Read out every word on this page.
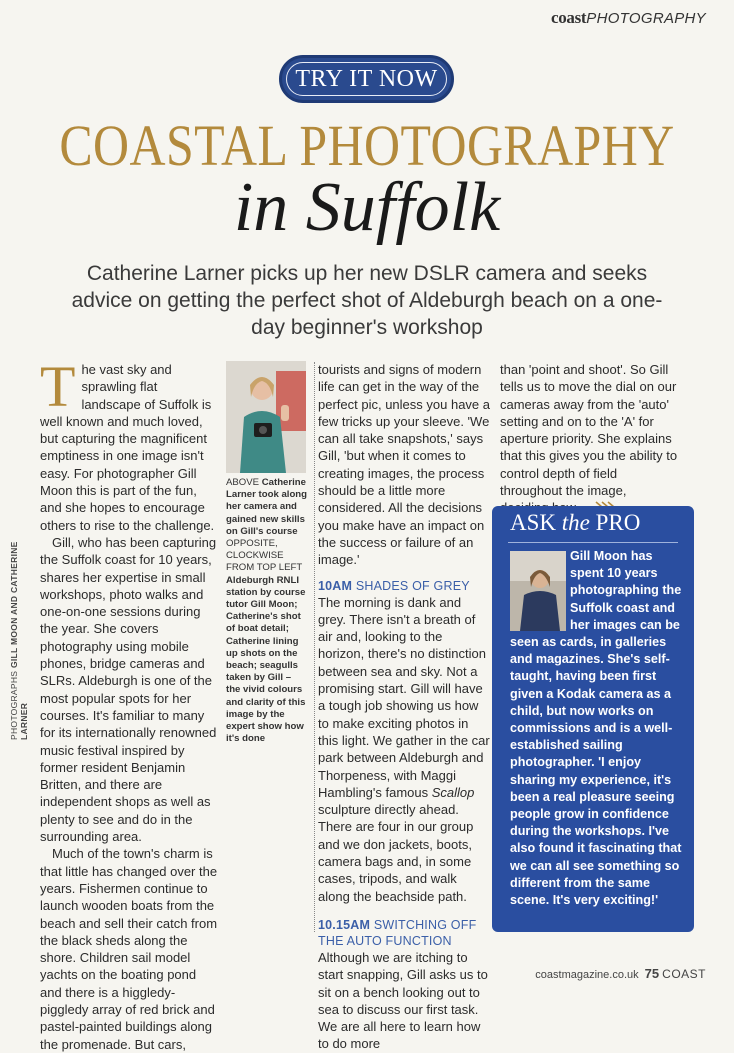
coastPHOTOGRAPHY
TRY IT NOW
COASTAL PHOTOGRAPHY
in Suffolk
Catherine Larner picks up her new DSLR camera and seeks advice on getting the perfect shot of Aldeburgh beach on a one-day beginner's workshop

The vast sky and sprawling flat landscape of Suffolk is well known and much loved, but capturing the magnificent emptiness in one image isn't easy. For photographer Gill Moon this is part of the fun, and she hopes to encourage others to rise to the challenge.

Gill, who has been capturing the Suffolk coast for 10 years, shares her expertise in small workshops, photo walks and one-on-one sessions during the year. She covers photography using mobile phones, bridge cameras and SLRs. Aldeburgh is one of the most popular spots for her courses. It's familiar to many for its internationally renowned music festival inspired by former resident Benjamin Britten, and there are independent shops as well as plenty to see and do in the surrounding area.

Much of the town's charm is that little has changed over the years. Fishermen continue to launch wooden boats from the beach and sell their catch from the black sheds along the shore. Children sail model yachts on the boating pond and there is a higgledy-piggledy array of red brick and pastel-painted buildings along the promenade. But cars,

ABOVE Catherine Larner took along her camera and gained new skills on Gill's course OPPOSITE, CLOCKWISE FROM TOP LEFT Aldeburgh RNLI station by course tutor Gill Moon; Catherine's shot of boat detail; Catherine lining up shots on the beach; seagulls taken by Gill – the vivid colours and clarity of this image by the expert show how it's done

tourists and signs of modern life can get in the way of the perfect pic, unless you have a few tricks up your sleeve. 'We can all take snapshots,' says Gill, 'but when it comes to creating images, the process should be a little more considered. All the decisions you make have an impact on the success or failure of an image.'

10AM SHADES OF GREY

The morning is dank and grey. There isn't a breath of air and, looking to the horizon, there's no distinction between sea and sky. Not a promising start. Gill will have a tough job showing us how to make exciting photos in this light. We gather in the car park between Aldeburgh and Thorpeness, with Maggi Hambling's famous Scallop sculpture directly ahead. There are four in our group and we don jackets, boots, camera bags and, in some cases, tripods, and walk along the beachside path.

10.15AM SWITCHING OFF THE AUTO FUNCTION

Although we are itching to start snapping, Gill asks us to sit on a bench looking out to sea to discuss our first task. We are all here to learn how to do more

than 'point and shoot'. So Gill tells us to move the dial on our cameras away from the 'auto' setting and on to the 'A' for aperture priority. She explains that this gives you the ability to control depth of field throughout the image,

ASK the PRO
Gill Moon has spent 10 years photographing the Suffolk coast and her images can be seen as cards, in galleries and magazines. She's self-taught, having been first given a Kodak camera as a child, but now works on commissions and is a well-established sailing photographer. 'I enjoy sharing my experience, it's been a real pleasure seeing people grow in confidence during the workshops. I've also found it fascinating that we can all see something so different from the same scene. It's very exciting!'
PHOTOGRAPHS GILL MOON AND CATHERINE LARNER
coastmagazine.co.uk 75 COAST
